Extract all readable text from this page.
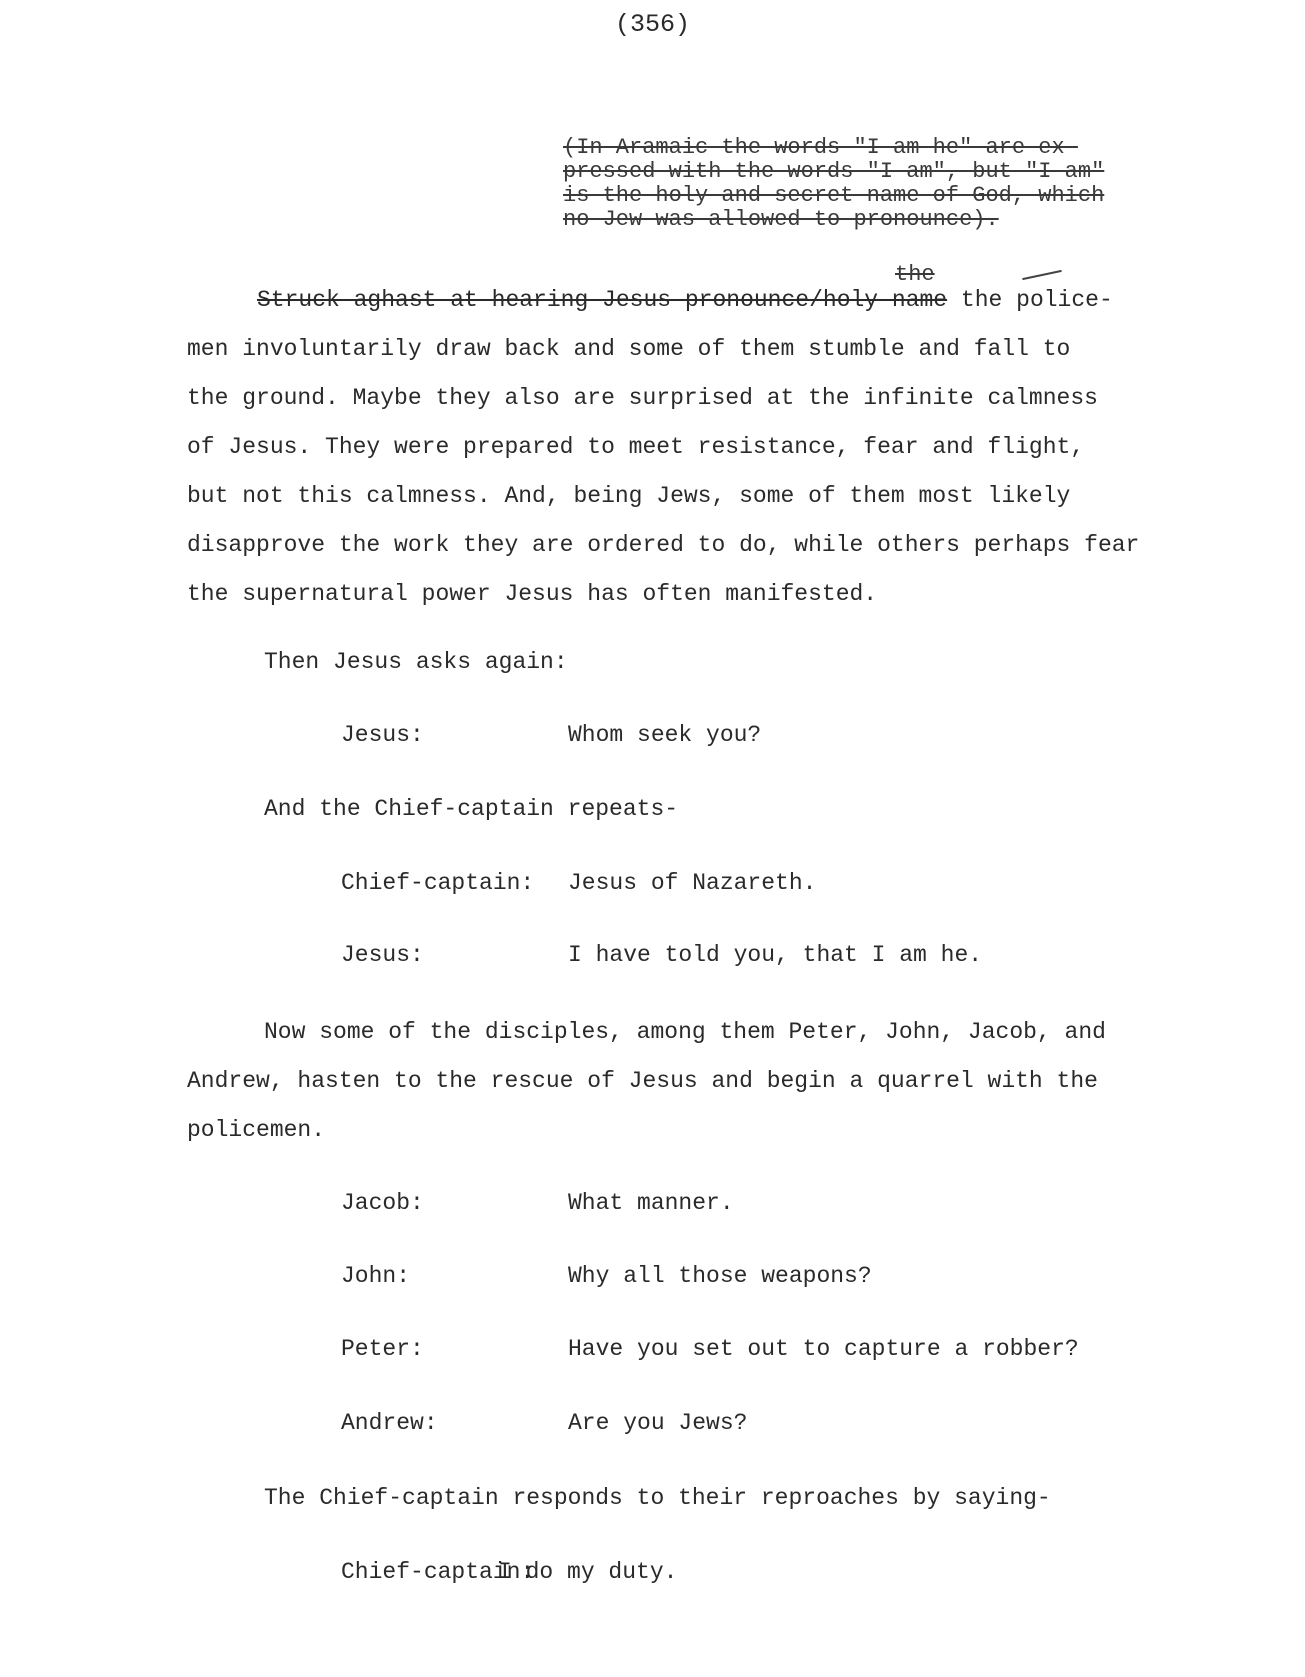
(356)
(In Aramaic the words "I am he" are ex-
pressed with the words "I am", but "I am"
is the holy and secret name of God, which
no Jew was allowed to pronounce).
the
Struck aghast at hearing Jesus pronounce/holy name the police-
men involuntarily draw back and some of them stumble and fall to
the ground. Maybe they also are surprised at the infinite calmness
of Jesus. They were prepared to meet resistance, fear and flight,
but not this calmness. And, being Jews, some of them most likely
disapprove the work they are ordered to do, while others perhaps fear
the supernatural power Jesus has often manifested.
Then Jesus asks again:
Jesus:	Whom seek you?
And the Chief-captain repeats-
Chief-captain: Jesus of Nazareth.
Jesus:	I have told you, that I am he.
Now some of the disciples, among them Peter, John, Jacob, and
Andrew, hasten to the rescue of Jesus and begin a quarrel with the
policemen.
Jacob:	What manner.
John:	Why all those weapons?
Peter:	Have you set out to capture a robber?
Andrew:	Are you Jews?
The Chief-captain responds to their reproaches by saying-
Chief-captain:
I do my duty.
